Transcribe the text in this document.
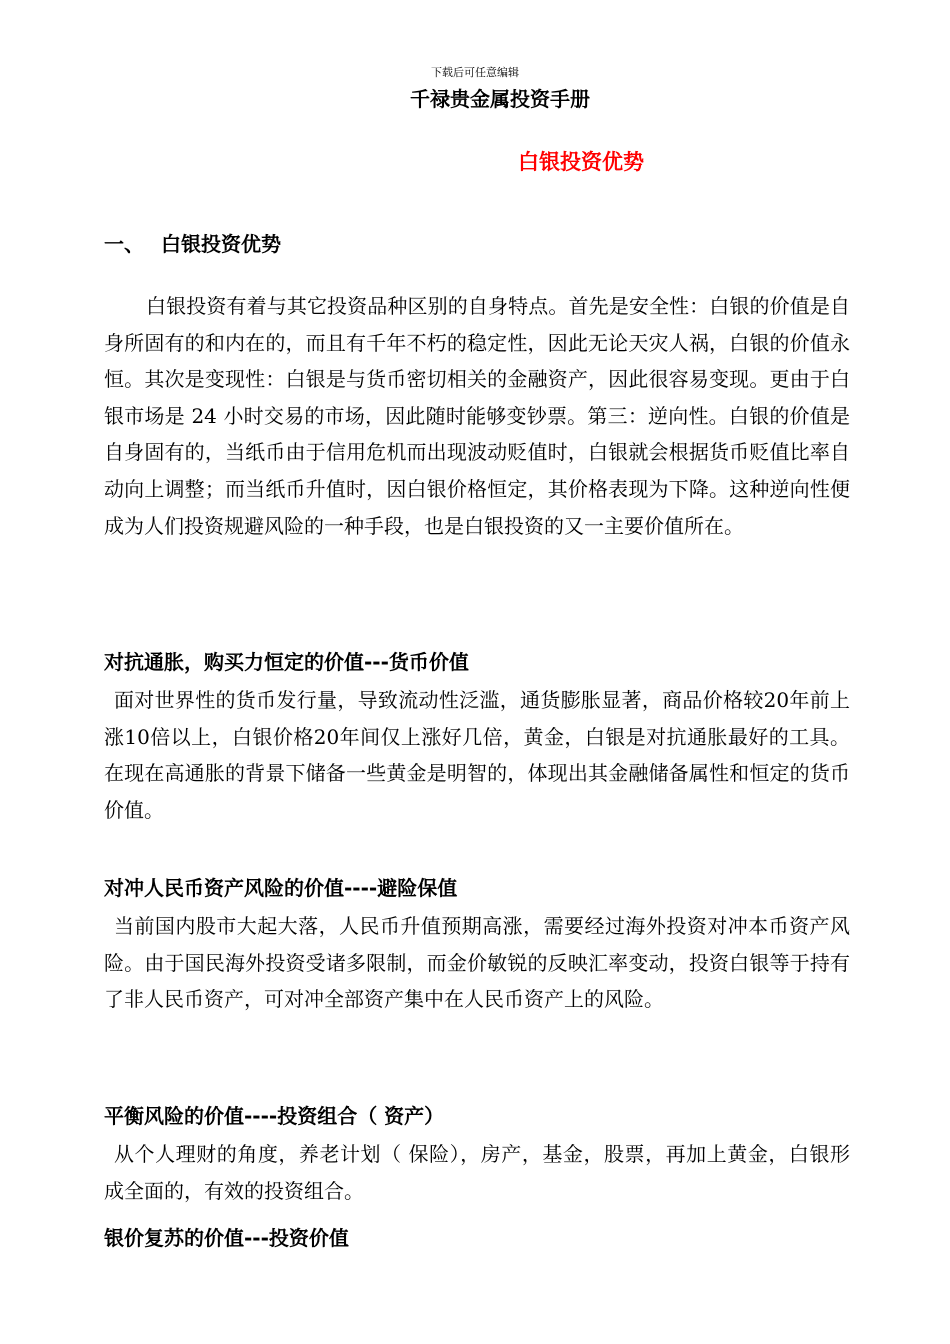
下载后可任意编辑
千禄贵金属投资手册
白银投资优势
一、 白银投资优势
白银投资有着与其它投资品种区别的自身特点。首先是安全性：白银的价值是自身所固有的和内在的，而且有千年不朽的稳定性，因此无论天灾人祸，白银的价值永恒。其次是变现性：白银是与货币密切相关的金融资产，因此很容易变现。更由于白银市场是 24 小时交易的市场，因此随时能够变钞票。第三：逆向性。白银的价值是自身固有的，当纸币由于信用危机而出现波动贬值时，白银就会根据货币贬值比率自动向上调整；而当纸币升值时，因白银价格恒定，其价格表现为下降。这种逆向性便成为人们投资规避风险的一种手段，也是白银投资的又一主要价值所在。
对抗通胀，购买力恒定的价值---货币价值
面对世界性的货币发行量，导致流动性泛滥，通货膨胀显著，商品价格较20年前上涨10倍以上，白银价格20年间仅上涨好几倍，黄金，白银是对抗通胀最好的工具。在现在高通胀的背景下储备一些黄金是明智的，体现出其金融储备属性和恒定的货币价值。
对冲人民币资产风险的价值----避险保值
当前国内股市大起大落，人民币升值预期高涨，需要经过海外投资对冲本币资产风险。由于国民海外投资受诸多限制，而金价敏锐的反映汇率变动，投资白银等于持有了非人民币资产，可对冲全部资产集中在人民币资产上的风险。
平衡风险的价值----投资组合（ 资产）
从个人理财的角度，养老计划（ 保险），房产，基金，股票，再加上黄金，白银形成全面的，有效的投资组合。
银价复苏的价值---投资价值
